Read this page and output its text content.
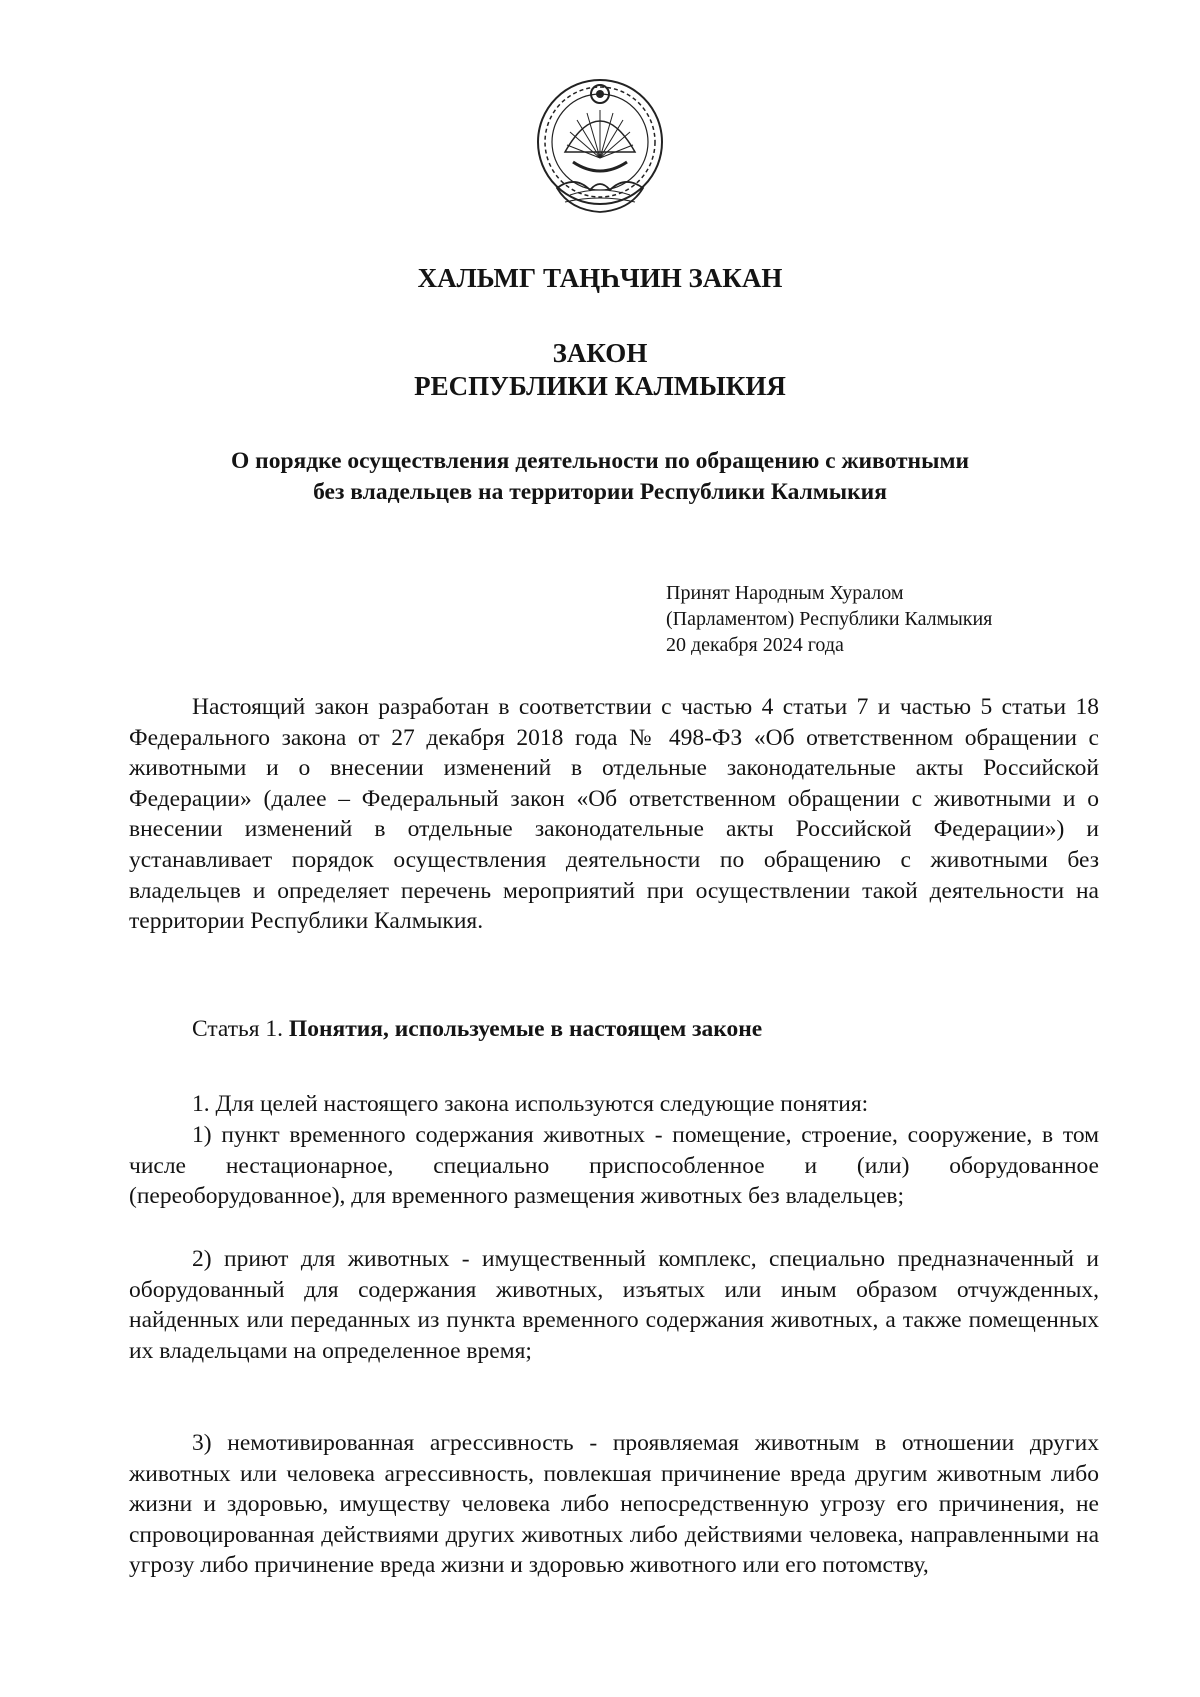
ХАЛЬМГ ТАҢҺЧИН ЗАКАН
ЗАКОН
РЕСПУБЛИКИ КАЛМЫКИЯ
О порядке осуществления деятельности по обращению с животными
без владельцев на территории Республики Калмыкия
Принят Народным Хуралом
(Парламентом) Республики Калмыкия
20 декабря 2024 года
Настоящий закон разработан в соответствии с частью 4 статьи 7 и частью 5 статьи 18 Федерального закона от 27 декабря 2018 года № 498-ФЗ «Об ответственном обращении с животными и о внесении изменений в отдельные законодательные акты Российской Федерации» (далее – Федеральный закон «Об ответственном обращении с животными и о внесении изменений в отдельные законодательные акты Российской Федерации») и устанавливает порядок осуществления деятельности по обращению с животными без владельцев и определяет перечень мероприятий при осуществлении такой деятельности на территории Республики Калмыкия.
Статья 1. Понятия, используемые в настоящем законе
1. Для целей настоящего закона используются следующие понятия:
1) пункт временного содержания животных - помещение, строение, сооружение, в том числе нестационарное, специально приспособленное и (или) оборудованное (переоборудованное), для временного размещения животных без владельцев;
2) приют для животных - имущественный комплекс, специально предназначенный и оборудованный для содержания животных, изъятых или иным образом отчужденных, найденных или переданных из пункта временного содержания животных, а также помещенных их владельцами на определенное время;
3) немотивированная агрессивность - проявляемая животным в отношении других животных или человека агрессивность, повлекшая причинение вреда другим животным либо жизни и здоровью, имуществу человека либо непосредственную угрозу его причинения, не спровоцированная действиями других животных либо действиями человека, направленными на угрозу либо причинение вреда жизни и здоровью животного или его потомству,
